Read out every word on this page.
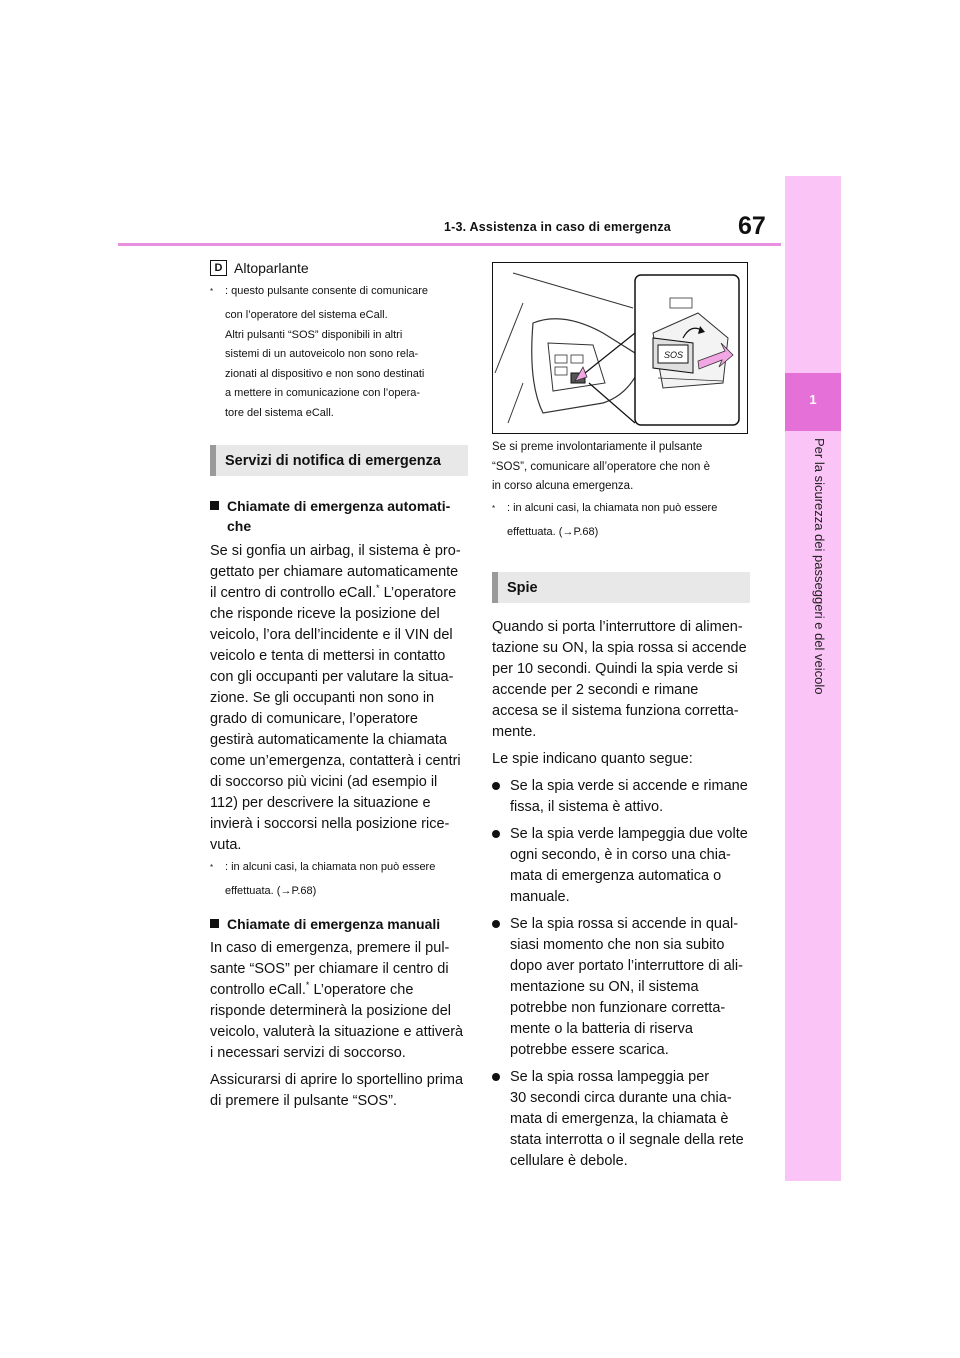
67
1-3. Assistenza in caso di emergenza
1
Per la sicurezza dei passeggeri e del veicolo
D Altoparlante
*	: questo pulsante consente di comunicare
con l’operatore del sistema eCall.
Altri pulsanti “SOS” disponibili in altri
sistemi di un autoveicolo non sono rela-
zionati al dispositivo e non sono destinati
a mettere in comunicazione con l’opera-
tore del sistema eCall.
Servizi di notifica di emergenza
Chiamate di emergenza automati-
che
Se si gonfia un airbag, il sistema è pro-
gettato per chiamare automaticamente
il centro di controllo eCall.* L’operatore
che risponde riceve la posizione del
veicolo, l’ora dell’incidente e il VIN del
veicolo e tenta di mettersi in contatto
con gli occupanti per valutare la situa-
zione. Se gli occupanti non sono in
grado di comunicare, l’operatore
gestirà automaticamente la chiamata
come un’emergenza, contatterà i centri
di soccorso più vicini (ad esempio il
112) per descrivere la situazione e
invierà i soccorsi nella posizione rice-
vuta.
*	: in alcuni casi, la chiamata non può essere
effettuata. (→P.68)
Chiamate di emergenza manuali
In caso di emergenza, premere il pul-
sante “SOS” per chiamare il centro di
controllo eCall.* L’operatore che
risponde determinerà la posizione del
veicolo, valuterà la situazione e attiverà
i necessari servizi di soccorso.
Assicurarsi di aprire lo sportellino prima
di premere il pulsante “SOS”.
SOS
Se si preme involontariamente il pulsante
“SOS”, comunicare all’operatore che non è
in corso alcuna emergenza.
*	: in alcuni casi, la chiamata non può essere
effettuata. (→P.68)
Spie
Quando si porta l’interruttore di alimen-
tazione su ON, la spia rossa si accende
per 10 secondi. Quindi la spia verde si
accende per 2 secondi e rimane
accesa se il sistema funziona corretta-
mente.
Le spie indicano quanto segue:
Se la spia verde si accende e rimane
fissa, il sistema è attivo.
Se la spia verde lampeggia due volte
ogni secondo, è in corso una chia-
mata di emergenza automatica o
manuale.
Se la spia rossa si accende in qual-
siasi momento che non sia subito
dopo aver portato l’interruttore di ali-
mentazione su ON, il sistema
potrebbe non funzionare corretta-
mente o la batteria di riserva
potrebbe essere scarica.
Se la spia rossa lampeggia per
30 secondi circa durante una chia-
mata di emergenza, la chiamata è
stata interrotta o il segnale della rete
cellulare è debole.
